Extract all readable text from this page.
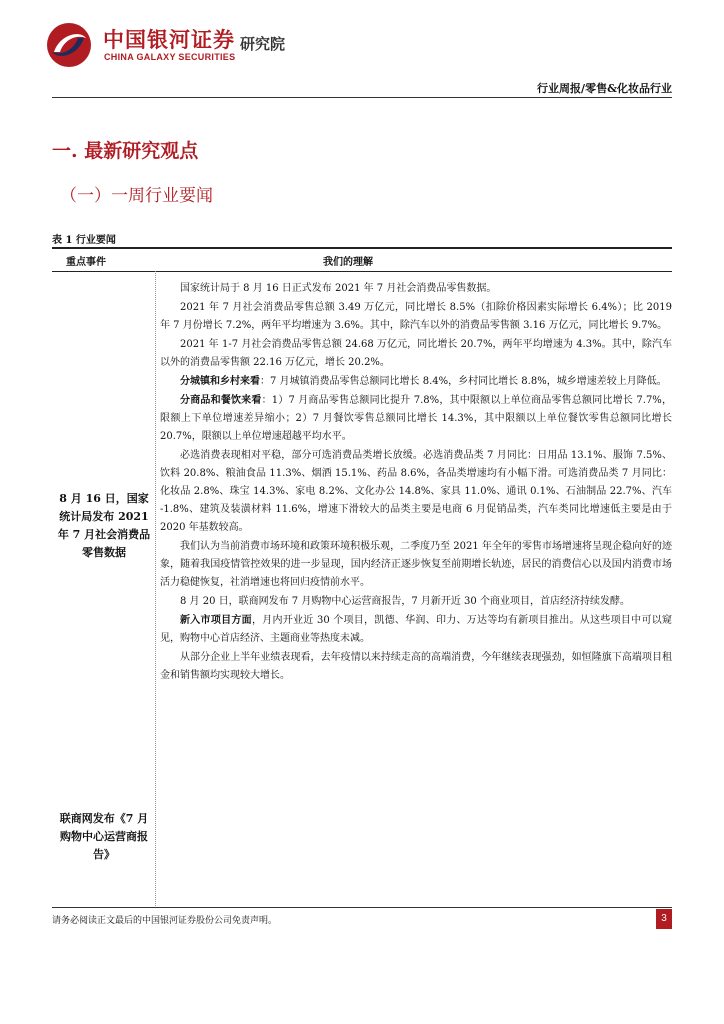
中国银河证券
CHINA GALAXY SECURITIES
研究院
行业周报/零售&化妆品行业
一. 最新研究观点
（一）一周行业要闻
表 1 行业要闻
重点事件	我们的理解
8 月 16 日，国家统计局发布 2021 年 7 月社会消费品零售数据
联商网发布《7 月购物中心运营商报告》

国家统计局于 8 月 16 日正式发布 2021 年 7 月社会消费品零售数据。

2021 年 7 月社会消费品零售总额 3.49 万亿元，同比增长 8.5%（扣除价格因素实际增长 6.4%）；比 2019 年 7 月份增长 7.2%，两年平均增速为 3.6%。其中，除汽车以外的消费品零售额 3.16 万亿元，同比增长 9.7%。

2021 年 1-7 月社会消费品零售总额 24.68 万亿元，同比增长 20.7%，两年平均增速为 4.3%。其中，除汽车以外的消费品零售额 22.16 万亿元，增长 20.2%。

分城镇和乡村来看：7 月城镇消费品零售总额同比增长 8.4%，乡村同比增长 8.8%，城乡增速差较上月降低。

分商品和餐饮来看：1）7 月商品零售总额同比提升 7.8%，其中限额以上单位商品零售总额同比增长 7.7%，限额上下单位增速差异缩小；2）7 月餐饮零售总额同比增长 14.3%，其中限额以上单位餐饮零售总额同比增长 20.7%，限额以上单位增速超越平均水平。

必选消费表现相对平稳，部分可选消费品类增长放缓。必选消费品类 7 月同比：日用品 13.1%、服饰 7.5%、饮料 20.8%、粮油食品 11.3%、烟酒 15.1%、药品 8.6%，各品类增速均有小幅下滑。可选消费品类 7 月同比：化妆品 2.8%、珠宝 14.3%、家电 8.2%、文化办公 14.8%、家具 11.0%、通讯 0.1%、石油制品 22.7%、汽车 -1.8%、建筑及装潢材料 11.6%，增速下滑较大的品类主要是电商 6 月促销品类，汽车类同比增速低主要是由于 2020 年基数较高。

我们认为当前消费市场环境和政策环境积极乐观，二季度乃至 2021 年全年的零售市场增速将呈现企稳向好的迹象，随着我国疫情管控效果的进一步显现，国内经济正逐步恢复至前期增长轨迹，居民的消费信心以及国内消费市场活力稳健恢复，社消增速也将回归疫情前水平。

8 月 20 日，联商网发布 7 月购物中心运营商报告，7 月新开近 30 个商业项目，首店经济持续发酵。

新入市项目方面，月内开业近 30 个项目，凯德、华润、印力、万达等均有新项目推出。从这些项目中可以窥见，购物中心首店经济、主题商业等热度未减。

从部分企业上半年业绩表现看，去年疫情以来持续走高的高端消费，今年继续表现强劲，如恒隆旗下高端项目租金和销售额均实现较大增长。

请务必阅读正文最后的中国银河证券股份公司免责声明。	3
